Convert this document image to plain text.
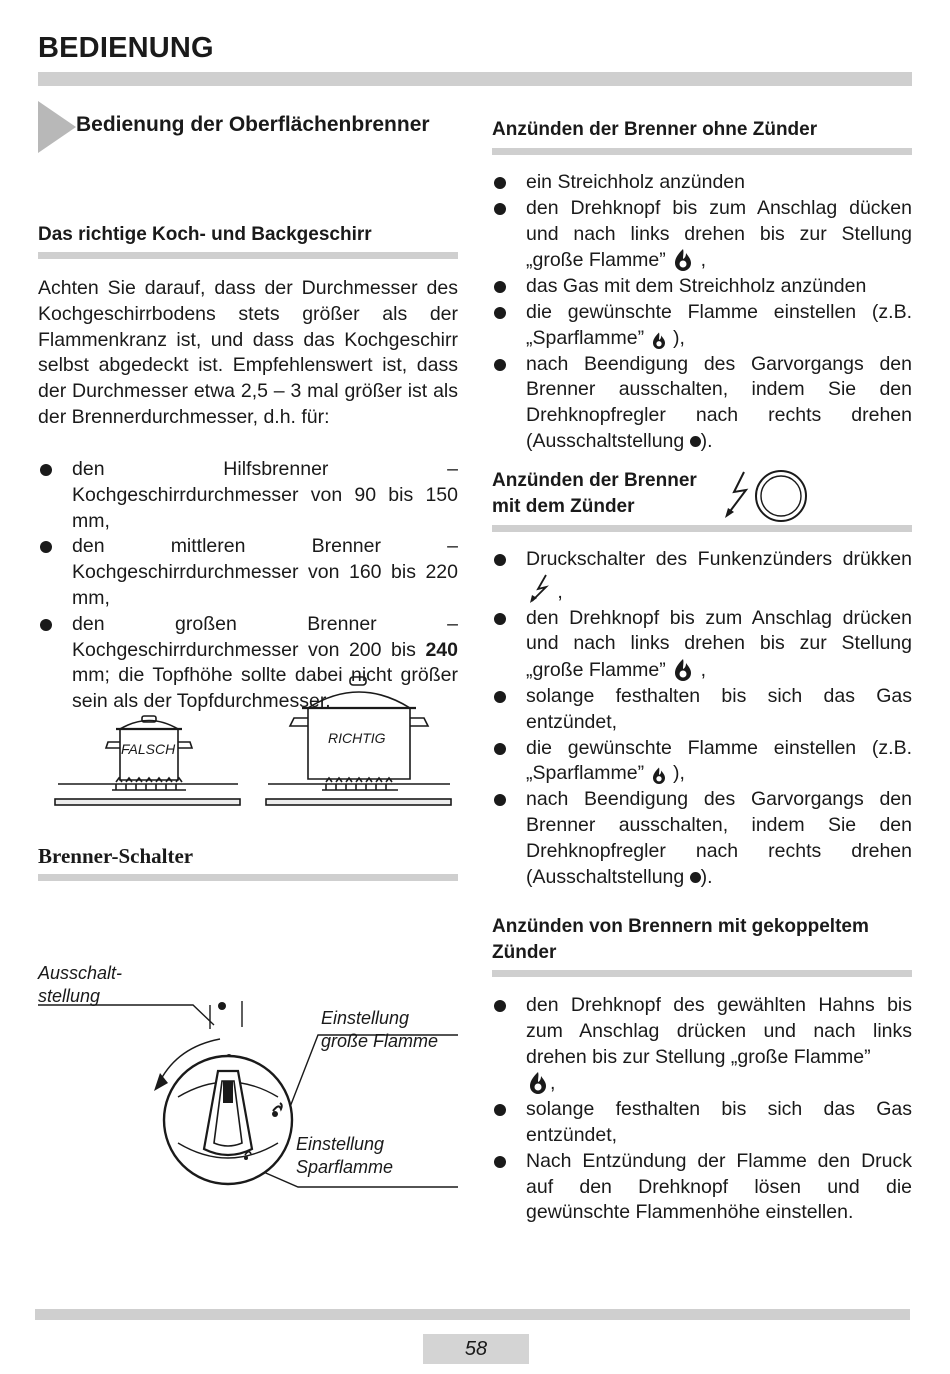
BEDIENUNG
Bedienung der Oberflächenbrenner
Das richtige Koch- und Backgeschirr

Achten Sie darauf, dass der Durchmesser des Kochgeschirrbodens stets größer als der Flammenkranz ist, und dass das Kochgeschirr selbst abgedeckt ist. Empfehlenswert ist, dass der Durchmesser etwa 2,5 – 3 mal größer ist als der Brennerdurchmesser, d.h. für:

den Hilfsbrenner – Kochgeschirrdurchmesser von 90 bis 150 mm,
den mittleren Brenner – Kochgeschirrdurchmesser von 160 bis 220 mm,
den großen Brenner – Kochgeschirrdurchmesser von 200 bis 240 mm; die Topfhöhe sollte dabei nicht größer sein als der Topfdurchmesser.
FALSCH
RICHTIG
Brenner-Schalter
Ausschalt-
stellung
Einstellung
große Flamme
Einstellung
Sparflamme
Anzünden der Brenner ohne Zünder
ein Streichholz anzünden
den Drehknopf bis zum Anschlag dücken und nach links drehen bis zur Stellung „große Flamme” ,
das Gas mit dem Streichholz anzünden
die gewünschte Flamme einstellen (z.B. „Sparflamme” ),
nach Beendigung des Garvorgangs den Brenner ausschalten, indem Sie den Drehknopfregler nach rechts drehen (Ausschaltstellung ).
Anzünden der Brenner
mit dem Zünder
Druckschalter des Funkenzünders drükken  ,
den Drehknopf bis zum Anschlag drücken und nach links drehen bis zur Stellung „große Flamme” ,
solange festhalten bis sich das Gas entzündet,
die gewünschte Flamme einstellen (z.B. „Sparflamme” ),
nach Beendigung des Garvorgangs den Brenner ausschalten, indem Sie den Drehknopfregler nach rechts drehen (Ausschaltstellung ).
Anzünden von Brennern mit gekoppeltem Zünder
den Drehknopf des gewählten Hahns bis zum Anschlag drücken und nach links drehen bis zur Stellung „große Flamme”
,
solange festhalten bis sich das Gas entzündet,
Nach Entzündung der Flamme den Druck auf den Drehknopf lösen und die gewünschte Flammenhöhe einstellen.
58
